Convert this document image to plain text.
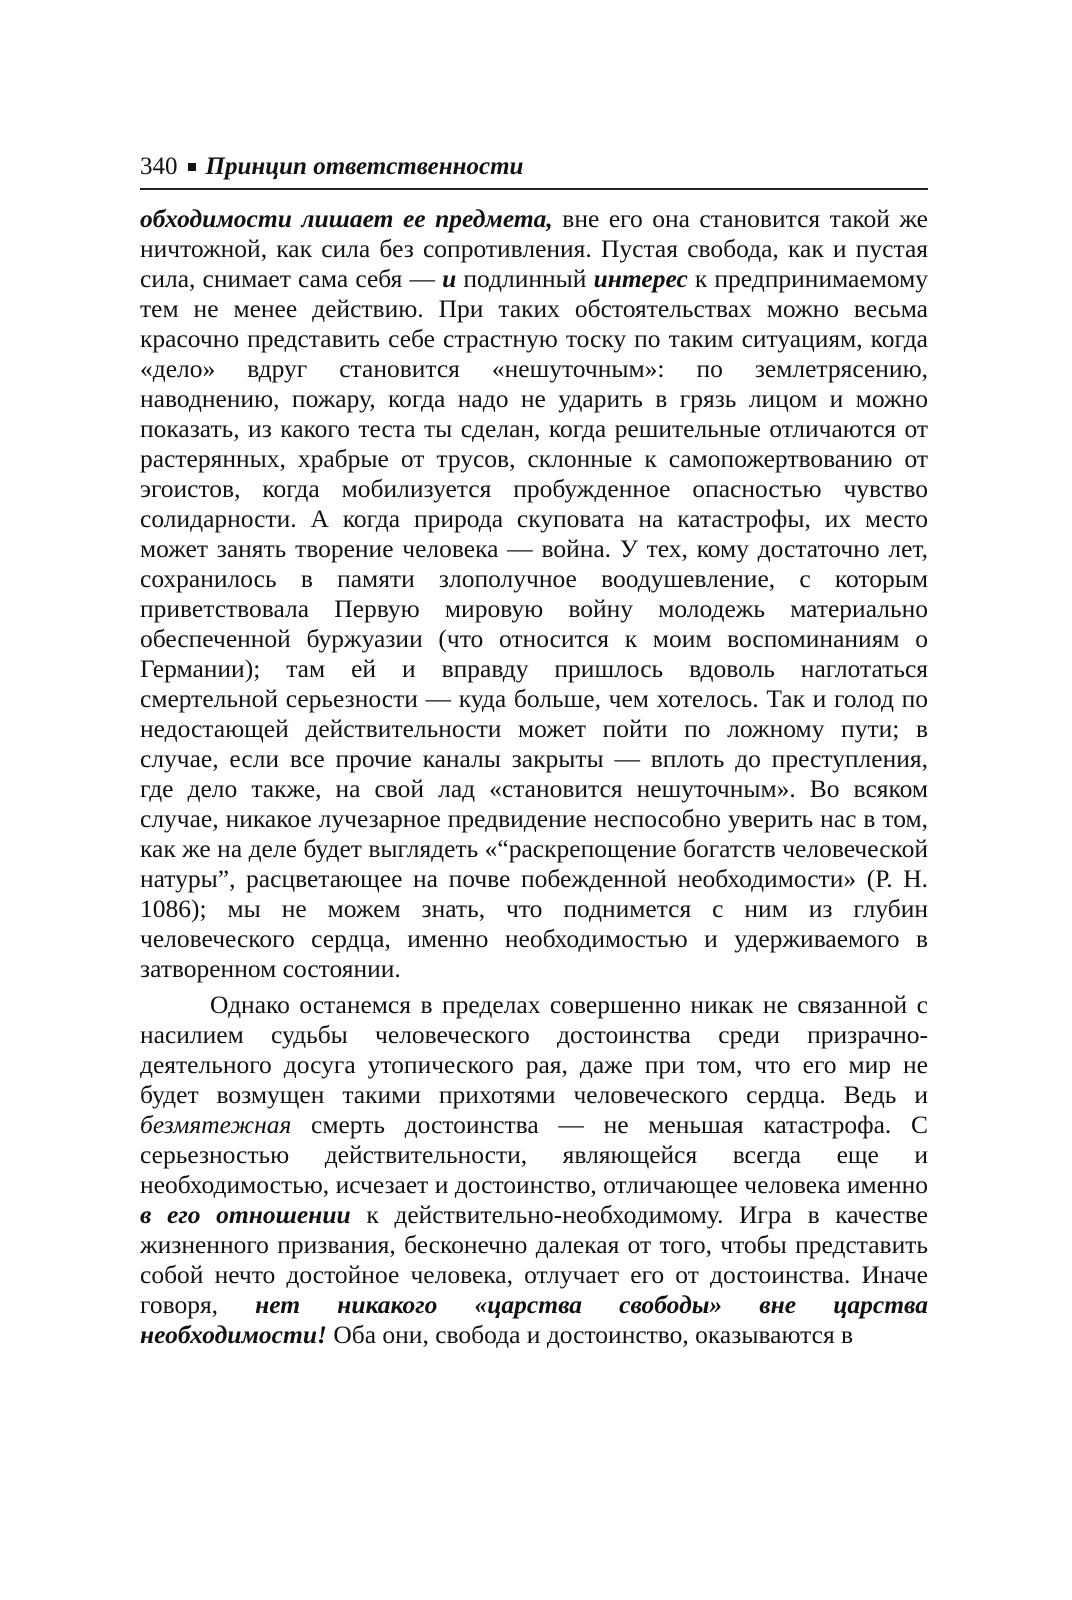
340 Принцип ответственности

обходимости лишает ее предмета, вне его она становится такой же ничтожной, как сила без сопротивления. Пустая свобода, как и пустая сила, снимает сама себя — и подлинный интерес к предпринимаемому тем не менее действию. При таких обстоятельствах можно весьма красочно представить себе страстную тоску по таким ситуациям, когда «дело» вдруг становится «нешуточным»: по землетрясению, наводнению, пожару, когда надо не ударить в грязь лицом и можно показать, из какого теста ты сделан, когда решительные отличаются от растерянных, храбрые от трусов, склонные к самопожертвованию от эгоистов, когда мобилизуется пробужденное опасностью чувство солидарности. А когда природа скуповата на катастрофы, их место может занять творение человека — война. У тех, кому достаточно лет, сохранилось в памяти злополучное воодушевление, с которым приветствовала Первую мировую войну молодежь материально обеспеченной буржуазии (что относится к моим воспоминаниям о Германии); там ей и вправду пришлось вдоволь наглотаться смертельной серьезности — куда больше, чем хотелось. Так и голод по недостающей действительности может пойти по ложному пути; в случае, если все прочие каналы закрыты — вплоть до преступления, где дело также, на свой лад «становится нешуточным». Во всяком случае, никакое лучезарное предвидение неспособно уверить нас в том, как же на деле будет выглядеть «“раскрепощение богатств человеческой натуры”, расцветающее на почве побежденной необходимости» (Р. Н. 1086); мы не можем знать, что поднимется с ним из глубин человеческого сердца, именно необходимостью и удерживаемого в затворенном состоянии.

Однако останемся в пределах совершенно никак не связанной с насилием судьбы человеческого достоинства среди призрачно-деятельного досуга утопического рая, даже при том, что его мир не будет возмущен такими прихотями человеческого сердца. Ведь и безмятежная смерть достоинства — не меньшая катастрофа. С серьезностью действительности, являющейся всегда еще и необходимостью, исчезает и достоинство, отличающее человека именно в его отношении к действительно-необходимому. Игра в качестве жизненного призвания, бесконечно далекая от того, чтобы представить собой нечто достойное человека, отлучает его от достоинства. Иначе говоря, нет никакого «царства свободы» вне царства необходимости! Оба они, свобода и достоинство, оказываются в
